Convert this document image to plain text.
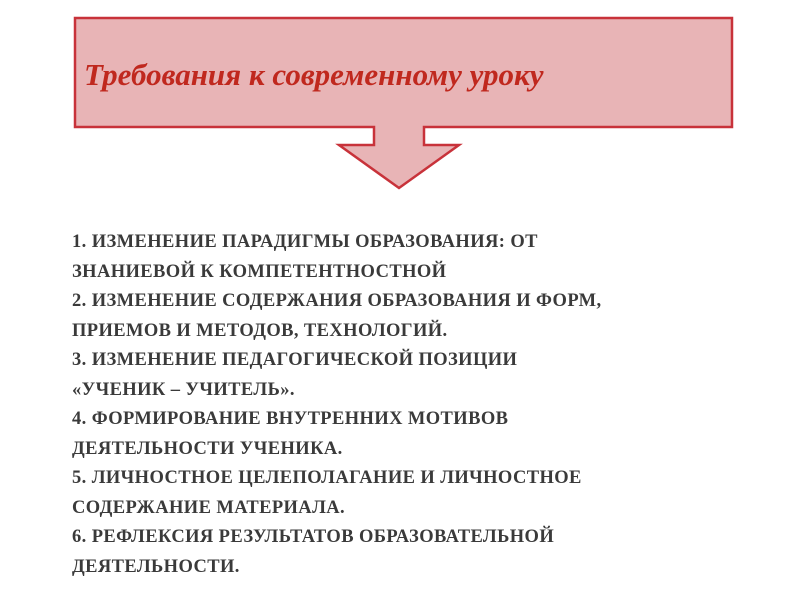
Требования к современному уроку
1. ИЗМЕНЕНИЕ ПАРАДИГМЫ ОБРАЗОВАНИЯ: ОТ
ЗНАНИЕВОЙ К КОМПЕТЕНТНОСТНОЙ
2. ИЗМЕНЕНИЕ СОДЕРЖАНИЯ ОБРАЗОВАНИЯ И ФОРМ,
ПРИЕМОВ И МЕТОДОВ, ТЕХНОЛОГИЙ.
3. ИЗМЕНЕНИЕ ПЕДАГОГИЧЕСКОЙ ПОЗИЦИИ
«УЧЕНИК – УЧИТЕЛЬ».
4. ФОРМИРОВАНИЕ ВНУТРЕННИХ МОТИВОВ
ДЕЯТЕЛЬНОСТИ УЧЕНИКА.
5. ЛИЧНОСТНОЕ ЦЕЛЕПОЛАГАНИЕ И ЛИЧНОСТНОЕ
СОДЕРЖАНИЕ МАТЕРИАЛА.
6. РЕФЛЕКСИЯ РЕЗУЛЬТАТОВ ОБРАЗОВАТЕЛЬНОЙ
ДЕЯТЕЛЬНОСТИ.
